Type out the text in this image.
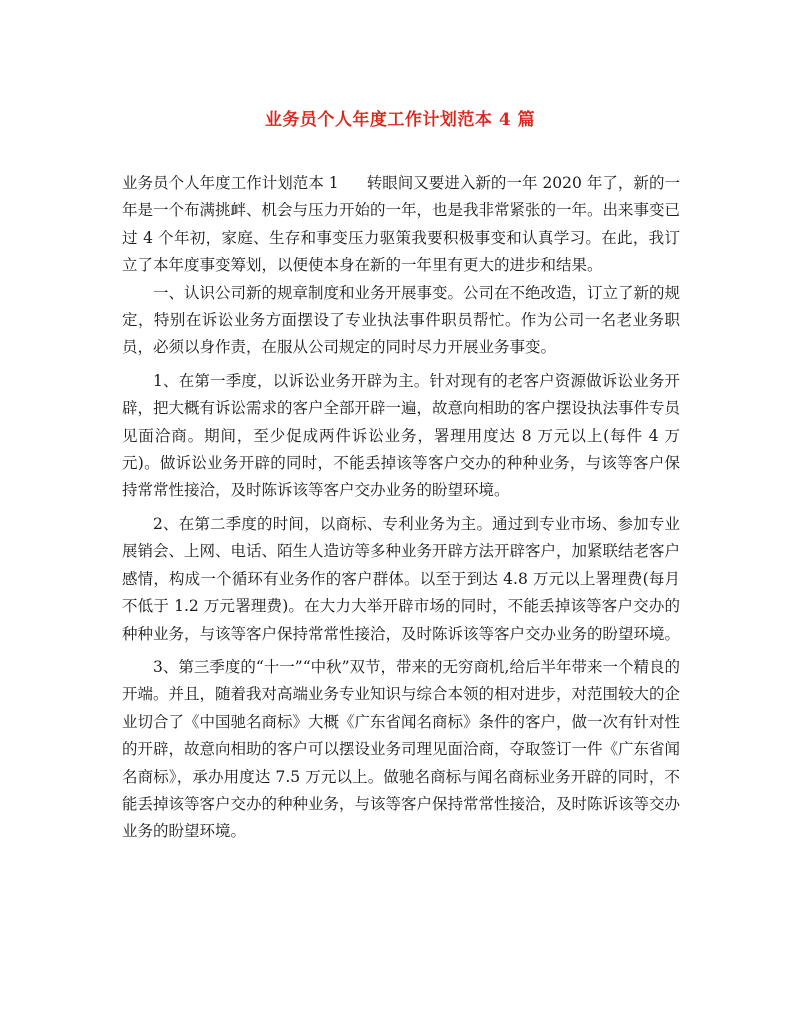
业务员个人年度工作计划范本 4 篇

业务员个人年度工作计划范本 1 转眼间又要进入新的一年 2020 年了，新的一年是一个布满挑衅、机会与压力开始的一年，也是我非常紧张的一年。出来事变已过 4 个年初，家庭、生存和事变压力驱策我要积极事变和认真学习。在此，我订立了本年度事变筹划，以便使本身在新的一年里有更大的进步和结果。

一、认识公司新的规章制度和业务开展事变。公司在不绝改造，订立了新的规定，特别在诉讼业务方面摆设了专业执法事件职员帮忙。作为公司一名老业务职员，必须以身作责，在服从公司规定的同时尽力开展业务事变。

1、在第一季度，以诉讼业务开辟为主。针对现有的老客户资源做诉讼业务开辟，把大概有诉讼需求的客户全部开辟一遍，故意向相助的客户摆设执法事件专员见面洽商。期间，至少促成两件诉讼业务，署理用度达 8 万元以上(每件 4 万元)。做诉讼业务开辟的同时，不能丢掉该等客户交办的种种业务，与该等客户保持常常性接洽，及时陈诉该等客户交办业务的盼望环境。

2、在第二季度的时间，以商标、专利业务为主。通过到专业市场、参加专业展销会、上网、电话、陌生人造访等多种业务开辟方法开辟客户，加紧联结老客户感情，构成一个循环有业务作的客户群体。以至于到达 4.8 万元以上署理费(每月不低于 1.2 万元署理费)。在大力大举开辟市场的同时，不能丢掉该等客户交办的种种业务，与该等客户保持常常性接洽，及时陈诉该等客户交办业务的盼望环境。

3、第三季度的“十一”“中秋”双节，带来的无穷商机,给后半年带来一个精良的开端。并且，随着我对高端业务专业知识与综合本领的相对进步，对范围较大的企业切合了《中国驰名商标》大概《广东省闻名商标》条件的客户，做一次有针对性的开辟，故意向相助的客户可以摆设业务司理见面洽商，夺取签订一件《广东省闻名商标》，承办用度达 7.5 万元以上。做驰名商标与闻名商标业务开辟的同时，不能丢掉该等客户交办的种种业务，与该等客户保持常常性接洽，及时陈诉该等交办业务的盼望环境。
